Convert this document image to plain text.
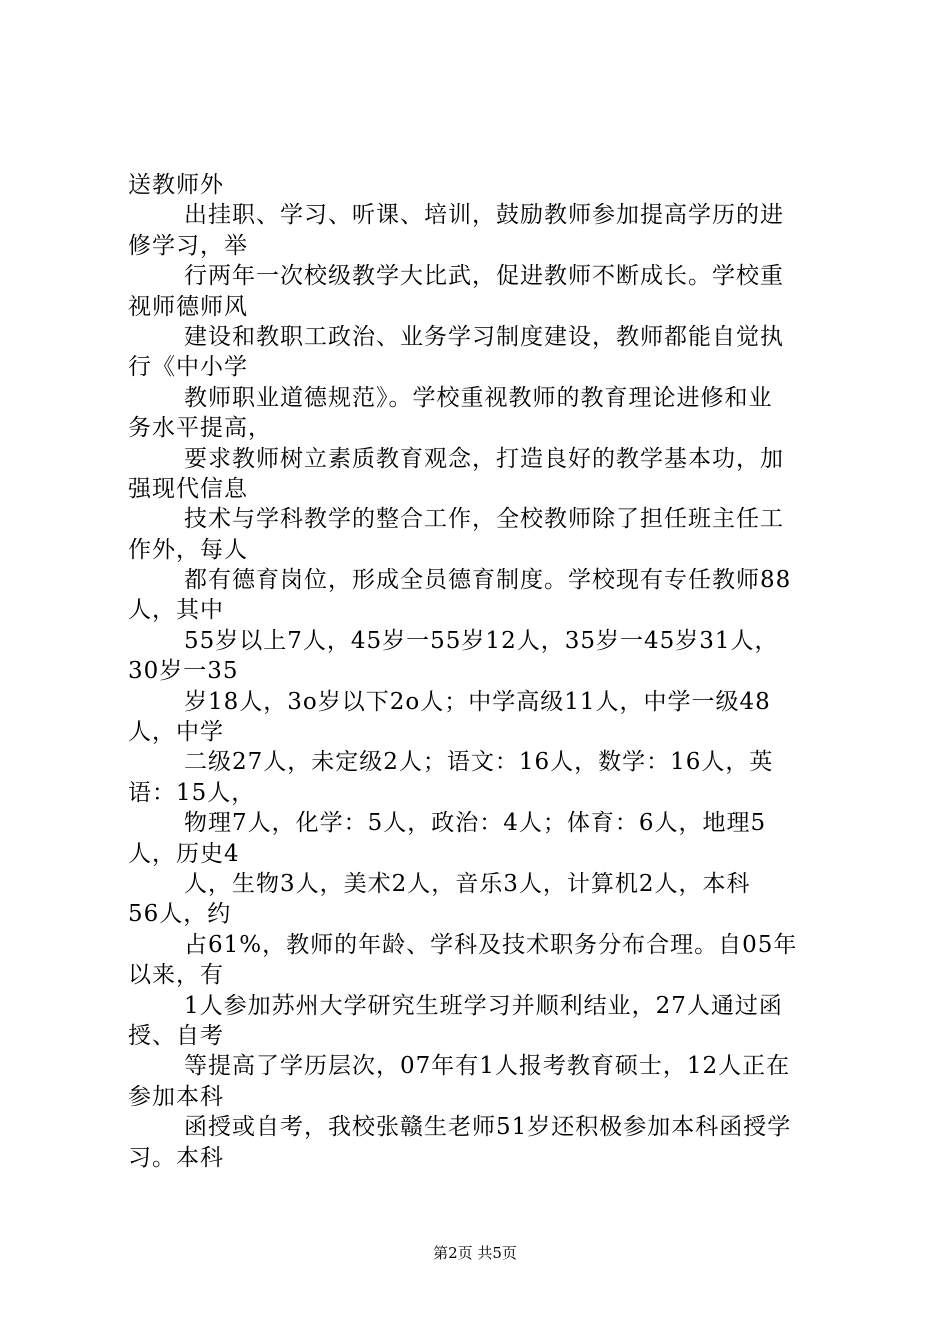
送教师外
出挂职、学习、听课、培训，鼓励教师参加提高学历的进
修学习，举
行两年一次校级教学大比武，促进教师不断成长。学校重
视师德师风
建设和教职工政治、业务学习制度建设，教师都能自觉执
行《中小学
教师职业道德规范》。学校重视教师的教育理论进修和业
务水平提高，
要求教师树立素质教育观念，打造良好的教学基本功，加
强现代信息
技术与学科教学的整合工作，全校教师除了担任班主任工
作外，每人
都有德育岗位，形成全员德育制度。学校现有专任教师88
人，其中
55岁以上7人，45岁一55岁12人，35岁一45岁31人，
30岁一35
岁18人，3o岁以下2o人；中学高级11人，中学一级48
人，中学
二级27人，未定级2人；语文：16人，数学：16人，英
语：15人，
物理7人，化学：5人，政治：4人；体育：6人，地理5
人，历史4
人，生物3人，美术2人，音乐3人，计算机2人，本科
56人，约
占61%，教师的年龄、学科及技术职务分布合理。自05年
以来，有
1人参加苏州大学研究生班学习并顺利结业，27人通过函
授、自考
等提高了学历层次，07年有1人报考教育硕士，12人正在
参加本科
函授或自考，我校张赣生老师51岁还积极参加本科函授学
习。本科
第2页 共5页
